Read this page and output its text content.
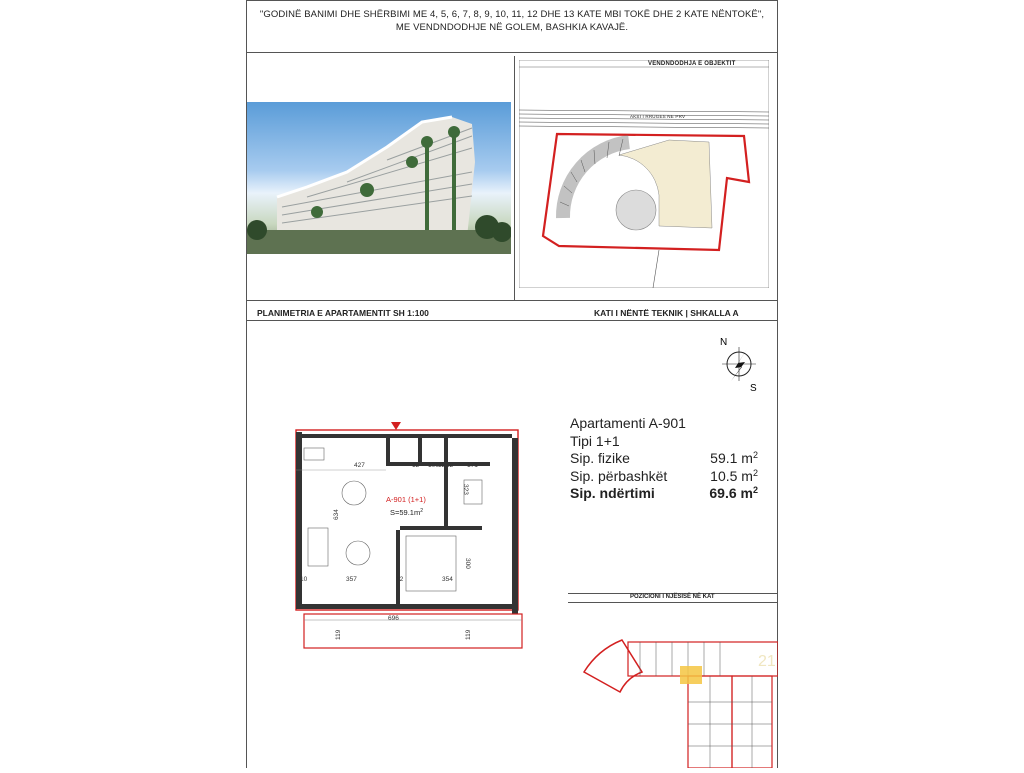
"GODINË BANIMI DHE SHËRBIMI ME 4, 5, 6, 7, 8, 9, 10, 11, 12 DHE 13 KATE MBI TOKË DHE 2 KATE NËNTOKË",
ME VENDNDODHJE NË GOLEM, BASHKIA KAVAJË.
VENDNDODHJA E OBJEKTIT
AKSI I RRUGES NE PRV
PLANIMETRIA E APARTAMENTIT SH 1:100	KATI I NËNTË TEKNIK | SHKALLA A
N
S
427	100 12 171
323
634
300
357	12	354
696
119	119
12
12
10
A-901 (1+1)
$S=59.1m^2$
Apartamenti A-901
Tipi 1+1
Sip. fizike	59.1 $m^2$
Sip. përbashkët	10.5 $m^2$
Sip. ndërtimi	69.6 $m^2$
POZICIONI I NJËSISË NË KAT
21
